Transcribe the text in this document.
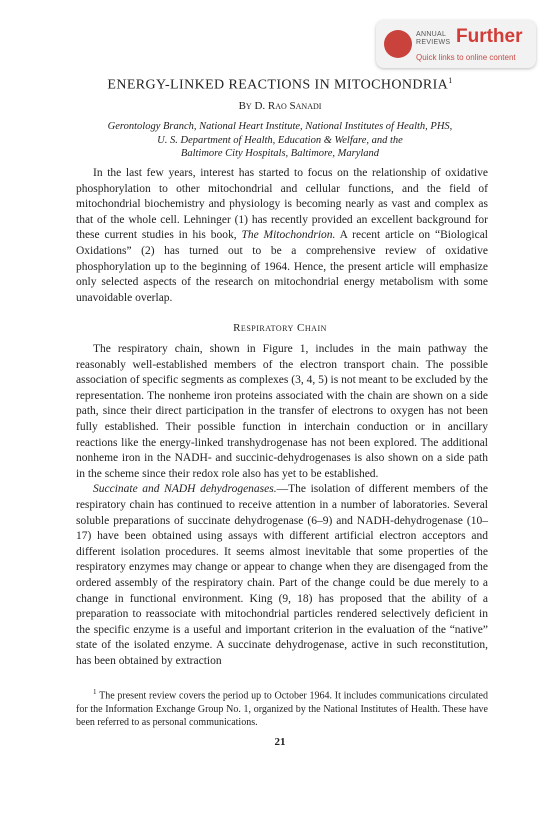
ANNUAL
REVIEWS Further
Quick links to online content
ENERGY-LINKED REACTIONS IN MITOCHONDRIA$^1$
By D. Rao Sanadi
Gerontology Branch, National Heart Institute, National Institutes of Health, PHS,
U. S. Department of Health, Education & Welfare, and the
Baltimore City Hospitals, Baltimore, Maryland

In the last few years, interest has started to focus on the relationship of oxidative phosphorylation to other mitochondrial and cellular functions, and the field of mitochondrial biochemistry and physiology is becoming nearly as vast and complex as that of the whole cell. Lehninger (1) has recently provided an excellent background for these current studies in his book, The Mitochondrion. A recent article on “Biological Oxidations” (2) has turned out to be a comprehensive review of oxidative phosphorylation up to the beginning of 1964. Hence, the present article will emphasize only selected aspects of the research on mitochondrial energy metabolism with some unavoidable overlap.

Respiratory Chain

The respiratory chain, shown in Figure 1, includes in the main pathway the reasonably well-established members of the electron transport chain. The possible association of specific segments as complexes (3, 4, 5) is not meant to be excluded by the representation. The nonheme iron proteins associated with the chain are shown on a side path, since their direct participation in the transfer of electrons to oxygen has not been fully established. Their possible function in interchain conduction or in ancillary reactions like the energy-linked transhydrogenase has not been explored. The additional nonheme iron in the NADH- and succinic-dehydrogenases is also shown on a side path in the scheme since their redox role also has yet to be established.

Succinate and NADH dehydrogenases.—The isolation of different members of the respiratory chain has continued to receive attention in a number of laboratories. Several soluble preparations of succinate dehydrogenase (6–9) and NADH-dehydrogenase (10–17) have been obtained using assays with different artificial electron acceptors and different isolation procedures. It seems almost inevitable that some properties of the respiratory enzymes may change or appear to change when they are disengaged from the ordered assembly of the respiratory chain. Part of the change could be due merely to a change in functional environment. King (9, 18) has proposed that the ability of a preparation to reassociate with mitochondrial particles rendered selectively deficient in the specific enzyme is a useful and important criterion in the evaluation of the “native” state of the isolated enzyme. A succinate dehydrogenase, active in such reconstitution, has been obtained by extraction

$^1$ The present review covers the period up to October 1964. It includes communications circulated for the Information Exchange Group No. 1, organized by the National Institutes of Health. These have been referred to as personal communications.
21
